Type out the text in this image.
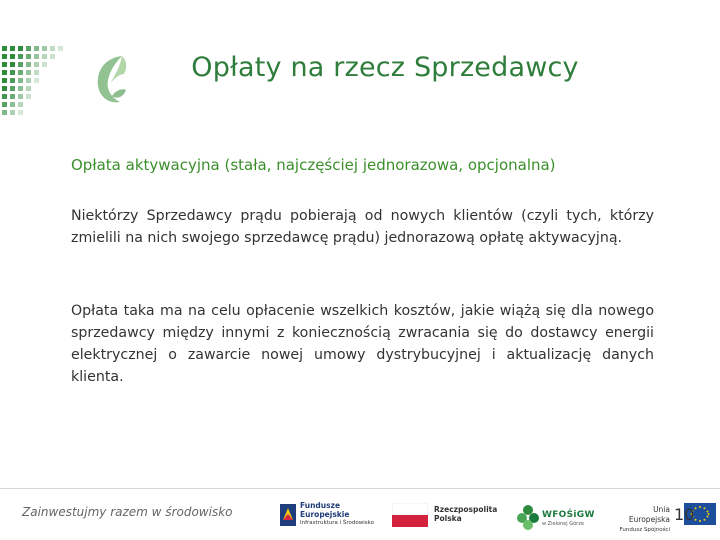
Opłaty na rzecz Sprzedawcy
Opłata aktywacyjna (stała, najczęściej jednorazowa, opcjonalna)
Niektórzy Sprzedawcy prądu pobierają od nowych klientów (czyli tych, którzy zmielili na nich swojego sprzedawcę prądu) jednorazową opłatę aktywacyjną.
Opłata taka ma na celu opłacenie wszelkich kosztów, jakie wiążą się dla nowego sprzedawcy między innymi z koniecznością zwracania się do dostawcy energii elektrycznej o zawarcie nowej umowy dystrybucyjnej i aktualizację danych klienta.
Zainwestujmy razem w środowisko	Fundusze
Europejskie
Infrastruktura i Środowisko
Rzeczpospolita
Polska	WFOŚiGW
w Zielonej Górze
Unia Europejska
Fundusz Spójności
10
